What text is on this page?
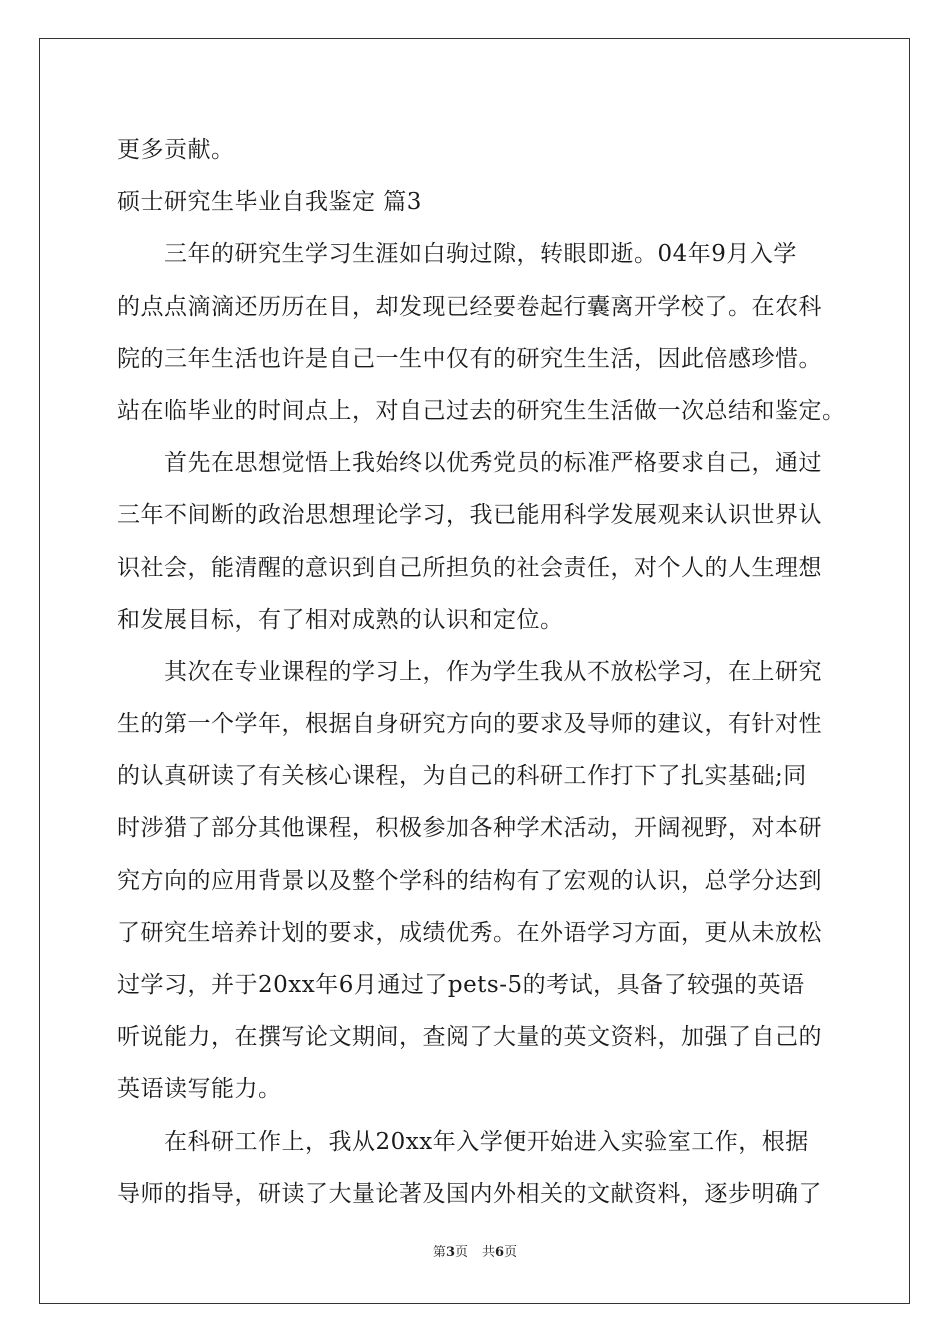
更多贡献。
硕士研究生毕业自我鉴定 篇3
三年的研究生学习生涯如白驹过隙，转眼即逝。04年9月入学
的点点滴滴还历历在目，却发现已经要卷起行囊离开学校了。在农科
院的三年生活也许是自己一生中仅有的研究生生活，因此倍感珍惜。
站在临毕业的时间点上，对自己过去的研究生生活做一次总结和鉴定。
首先在思想觉悟上我始终以优秀党员的标准严格要求自己，通过
三年不间断的政治思想理论学习，我已能用科学发展观来认识世界认
识社会，能清醒的意识到自己所担负的社会责任，对个人的人生理想
和发展目标，有了相对成熟的认识和定位。
其次在专业课程的学习上，作为学生我从不放松学习，在上研究
生的第一个学年，根据自身研究方向的要求及导师的建议，有针对性
的认真研读了有关核心课程，为自己的科研工作打下了扎实基础;同
时涉猎了部分其他课程，积极参加各种学术活动，开阔视野，对本研
究方向的应用背景以及整个学科的结构有了宏观的认识，总学分达到
了研究生培养计划的要求，成绩优秀。在外语学习方面，更从未放松
过学习，并于20xx年6月通过了pets-5的考试，具备了较强的英语
听说能力，在撰写论文期间，查阅了大量的英文资料，加强了自己的
英语读写能力。
在科研工作上，我从20xx年入学便开始进入实验室工作，根据
导师的指导，研读了大量论著及国内外相关的文献资料，逐步明确了
第3页 共6页
